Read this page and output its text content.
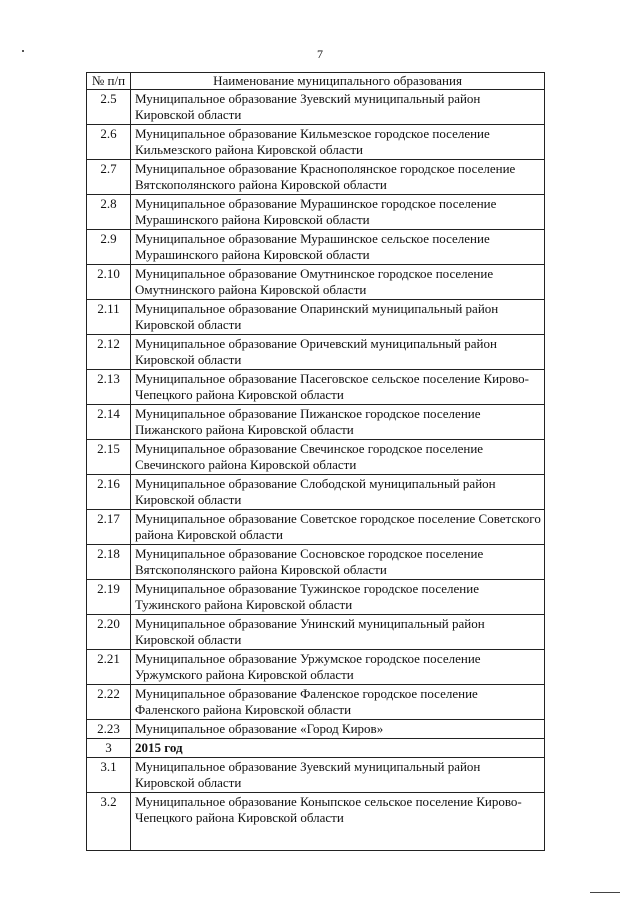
7
№ п/п	Наименование муниципального образования
2.5	Муниципальное образование Зуевский муниципальный район Кировской области
2.6	Муниципальное образование Кильмезское городское поселение Кильмезского района Кировской области
2.7	Муниципальное образование Краснополянское городское поселение Вятскополянского района Кировской области
2.8	Муниципальное образование Мурашинское городское поселение Мурашинского района Кировской области
2.9	Муниципальное образование Мурашинское сельское поселение Мурашинского района Кировской области
2.10	Муниципальное образование Омутнинское городское поселение Омутнинского района Кировской области
2.11	Муниципальное образование Опаринский муниципальный район Кировской области
2.12	Муниципальное образование Оричевский муниципальный район Кировской области
2.13	Муниципальное образование Пасеговское сельское поселение Кирово-Чепецкого района Кировской области
2.14	Муниципальное образование Пижанское городское поселение Пижанского района Кировской области
2.15	Муниципальное образование Свечинское городское поселение Свечинского района Кировской области
2.16	Муниципальное образование Слободской муниципальный район Кировской области
2.17	Муниципальное образование Советское городское поселение Советского района Кировской области
2.18	Муниципальное образование Сосновское городское поселение Вятскополянского района Кировской области
2.19	Муниципальное образование Тужинское городское поселение Тужинского района Кировской области
2.20	Муниципальное образование Унинский муниципальный район Кировской области
2.21	Муниципальное образование Уржумское городское поселение Уржумского района Кировской области
2.22	Муниципальное образование Фаленское городское поселение Фаленского района Кировской области
2.23	Муниципальное образование «Город Киров»
3	2015 год
3.1	Муниципальное образование Зуевский муниципальный район Кировской области
3.2	Муниципальное образование Коныпское сельское поселение Кирово-Чепецкого района Кировской области
